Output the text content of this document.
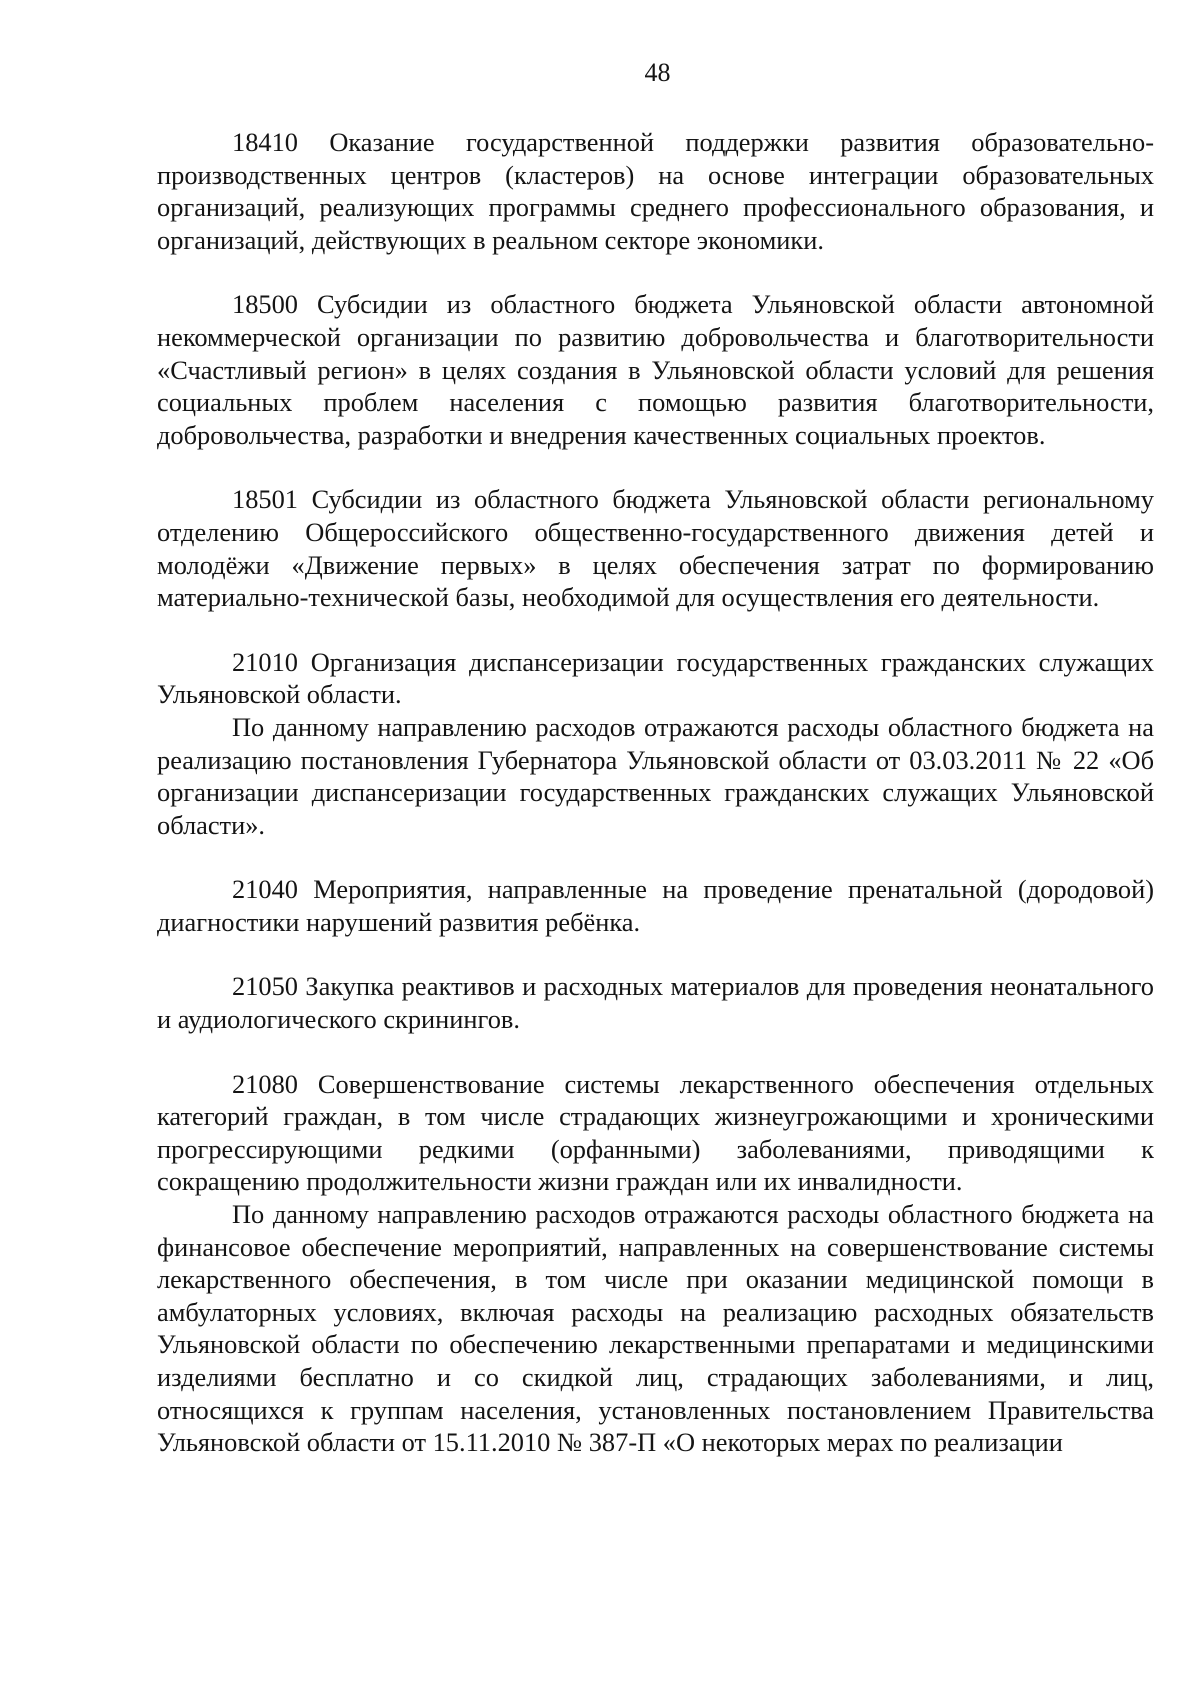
48

18410 Оказание государственной поддержки развития образовательно-производственных центров (кластеров) на основе интеграции образовательных организаций, реализующих программы среднего профессионального образования, и организаций, действующих в реальном секторе экономики.

18500 Субсидии из областного бюджета Ульяновской области автономной некоммерческой организации по развитию добровольчества и благотворительности «Счастливый регион» в целях создания в Ульяновской области условий для решения социальных проблем населения с помощью развития благотворительности, добровольчества, разработки и внедрения качественных социальных проектов.

18501 Субсидии из областного бюджета Ульяновской области региональному отделению Общероссийского общественно-государственного движения детей и молодёжи «Движение первых» в целях обеспечения затрат по формированию материально-технической базы, необходимой для осуществления его деятельности.

21010 Организация диспансеризации государственных гражданских служащих Ульяновской области.

По данному направлению расходов отражаются расходы областного бюджета на реализацию постановления Губернатора Ульяновской области от 03.03.2011 № 22 «Об организации диспансеризации государственных гражданских служащих Ульяновской области».

21040 Мероприятия, направленные на проведение пренатальной (дородовой) диагностики нарушений развития ребёнка.

21050 Закупка реактивов и расходных материалов для проведения неонатального и аудиологического скринингов.

21080 Совершенствование системы лекарственного обеспечения отдельных категорий граждан, в том числе страдающих жизнеугрожающими и хроническими прогрессирующими редкими (орфанными) заболеваниями, приводящими к сокращению продолжительности жизни граждан или их инвалидности.

По данному направлению расходов отражаются расходы областного бюджета на финансовое обеспечение мероприятий, направленных на совершенствование системы лекарственного обеспечения, в том числе при оказании медицинской помощи в амбулаторных условиях, включая расходы на реализацию расходных обязательств Ульяновской области по обеспечению лекарственными препаратами и медицинскими изделиями бесплатно и со скидкой лиц, страдающих заболеваниями, и лиц, относящихся к группам населения, установленных постановлением Правительства Ульяновской области от 15.11.2010 № 387-П «О некоторых мерах по реализации
